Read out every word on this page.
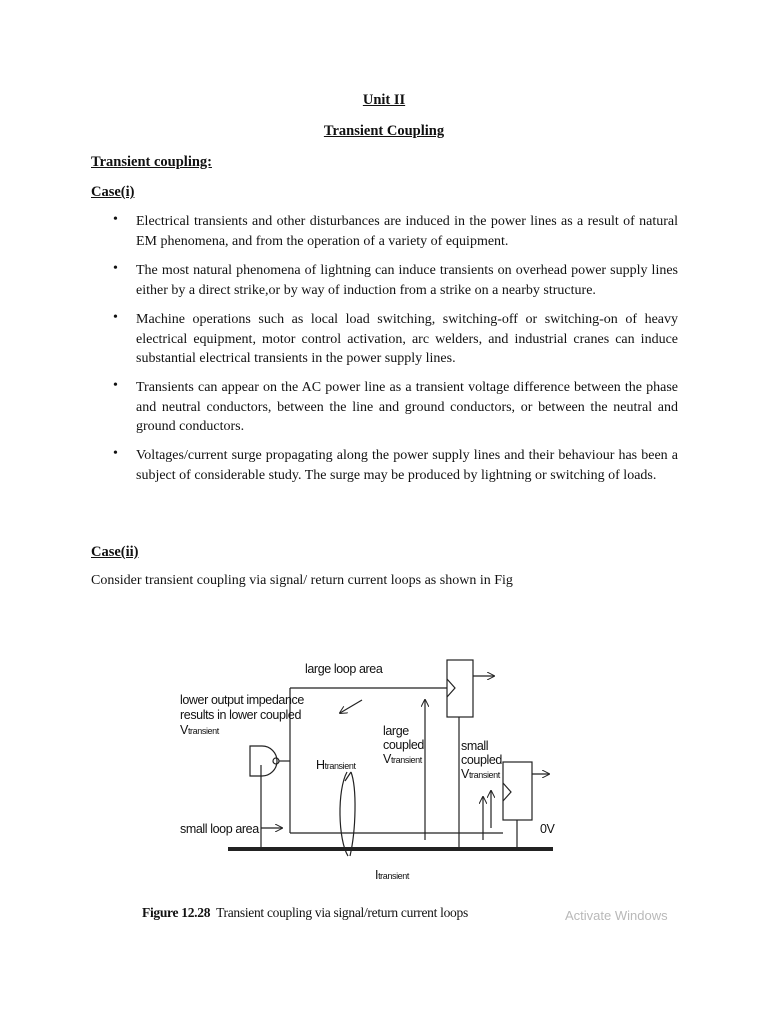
Unit II
Transient Coupling
Transient coupling:
Case(i)
• Electrical transients and other disturbances are induced in the power lines as a result of natural EM phenomena, and from the operation of a variety of equipment.
• The most natural phenomena of lightning can induce transients on overhead power supply lines either by a direct strike,or by way of induction from a strike on a nearby structure.
• Machine operations such as local load switching, switching-off or switching-on of heavy electrical equipment, motor control activation, arc welders, and industrial cranes can induce substantial electrical transients in the power supply lines.
• Transients can appear on the AC power line as a transient voltage difference between the phase and neutral conductors, between the line and ground conductors, or between the neutral and ground conductors.
• Voltages/current surge propagating along the power supply lines and their behaviour has been a subject of considerable study. The surge may be produced by lightning or switching of loads.
Case(ii)
Consider transient coupling via signal/ return current loops as shown in Fig
large loop area
lower output impedance
results in lower coupled
Vtransient	large
coupled
Vtransient
small
coupled
Vtransient
Htransient
small loop area	0V
Itransient
Figure 12.28 Transient coupling via signal/return current loops	Activate Windows
